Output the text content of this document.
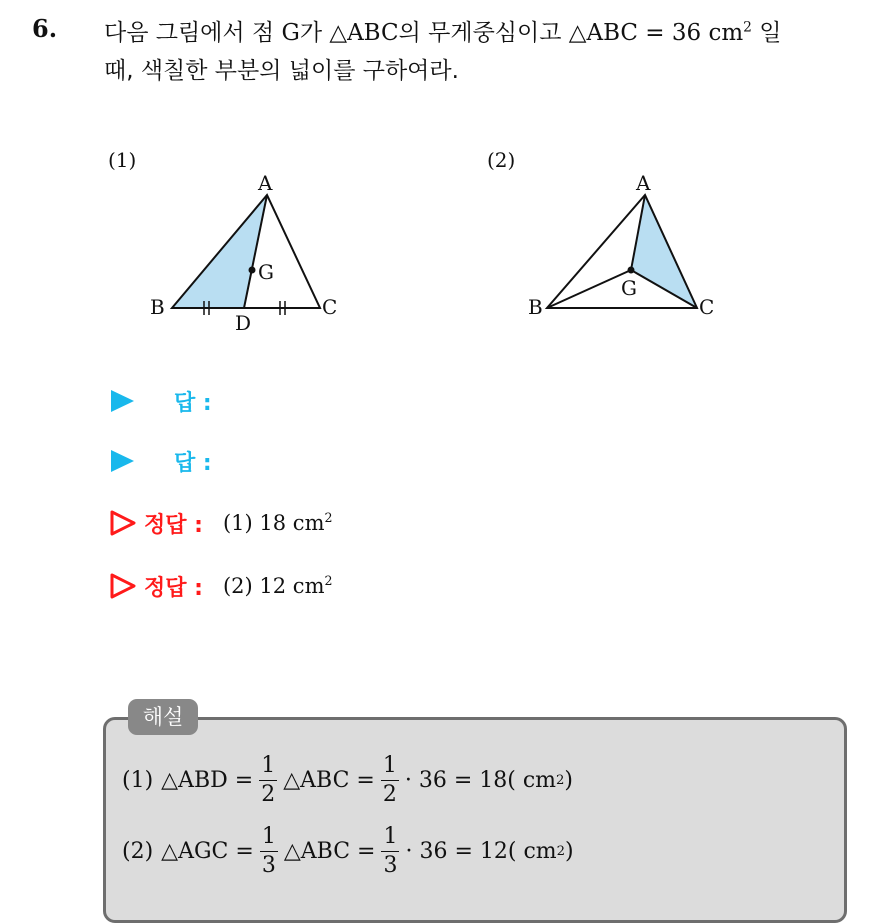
6. 다음 그림에서 점 G가 △ABC의 무게중심이고 △ABC = 36 $cm^2$ 일
때, 색칠한 부분의 넓이를 구하여라.
(1)
A
B	C
D
G
(2)
A
B	C
G
답 :
답 :
정답 : (1) 18 $cm^2$
정답 : (2) 12 $cm^2$
해설
(1) △ABD = $\frac{1}{2}$ △ABC = $\frac{1}{2} \cdot 36 = 18$( cm 2 )
(2) △AGC = $\frac{1}{3}$ △ABC = $\frac{1}{3} \cdot 36 = 12$( cm 2 )
